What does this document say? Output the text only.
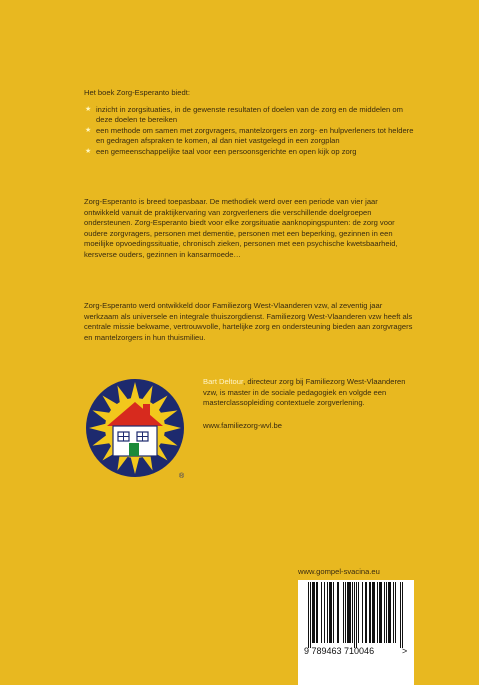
Het boek Zorg-Esperanto biedt:

★ inzicht in zorgsituaties, in de gewenste resultaten of doelen van de zorg en de middelen om deze doelen te bereiken
★ een methode om samen met zorgvragers, mantelzorgers en zorg- en hulpverleners tot heldere en gedragen afspraken te komen, al dan niet vastgelegd in een zorgplan
★ een gemeenschappelijke taal voor een persoonsgerichte en open kijk op zorg

Zorg-Esperanto is breed toepasbaar. De methodiek werd over een periode van vier jaar ontwikkeld vanuit de praktijkervaring van zorgverleners die verschillende doelgroepen ondersteunen. Zorg-Esperanto biedt voor elke zorgsituatie aanknopingspunten: de zorg voor oudere zorgvragers, personen met dementie, personen met een beperking, gezinnen in een moeilijke opvoedingssituatie, chronisch zieken, personen met een psychische kwetsbaarheid, kersverse ouders, gezinnen in kansarmoede…

Zorg-Esperanto werd ontwikkeld door Familiezorg West-Vlaanderen vzw, al zeventig jaar werkzaam als universele en integrale thuiszorgdienst. Familiezorg West-Vlaanderen vzw heeft als centrale missie bekwame, vertrouwvolle, hartelijke zorg en ondersteuning bieden aan zorgvragers en mantelzorgers in hun thuismilieu.

®
Bart Deltour, directeur zorg bij Familiezorg West-Vlaanderen vzw, is master in de sociale pedagogiek en volgde een masterclassopleiding contextuele zorgverlening.
www.familiezorg-wvl.be
www.gompel-svacina.eu
9 789463 710046	>
